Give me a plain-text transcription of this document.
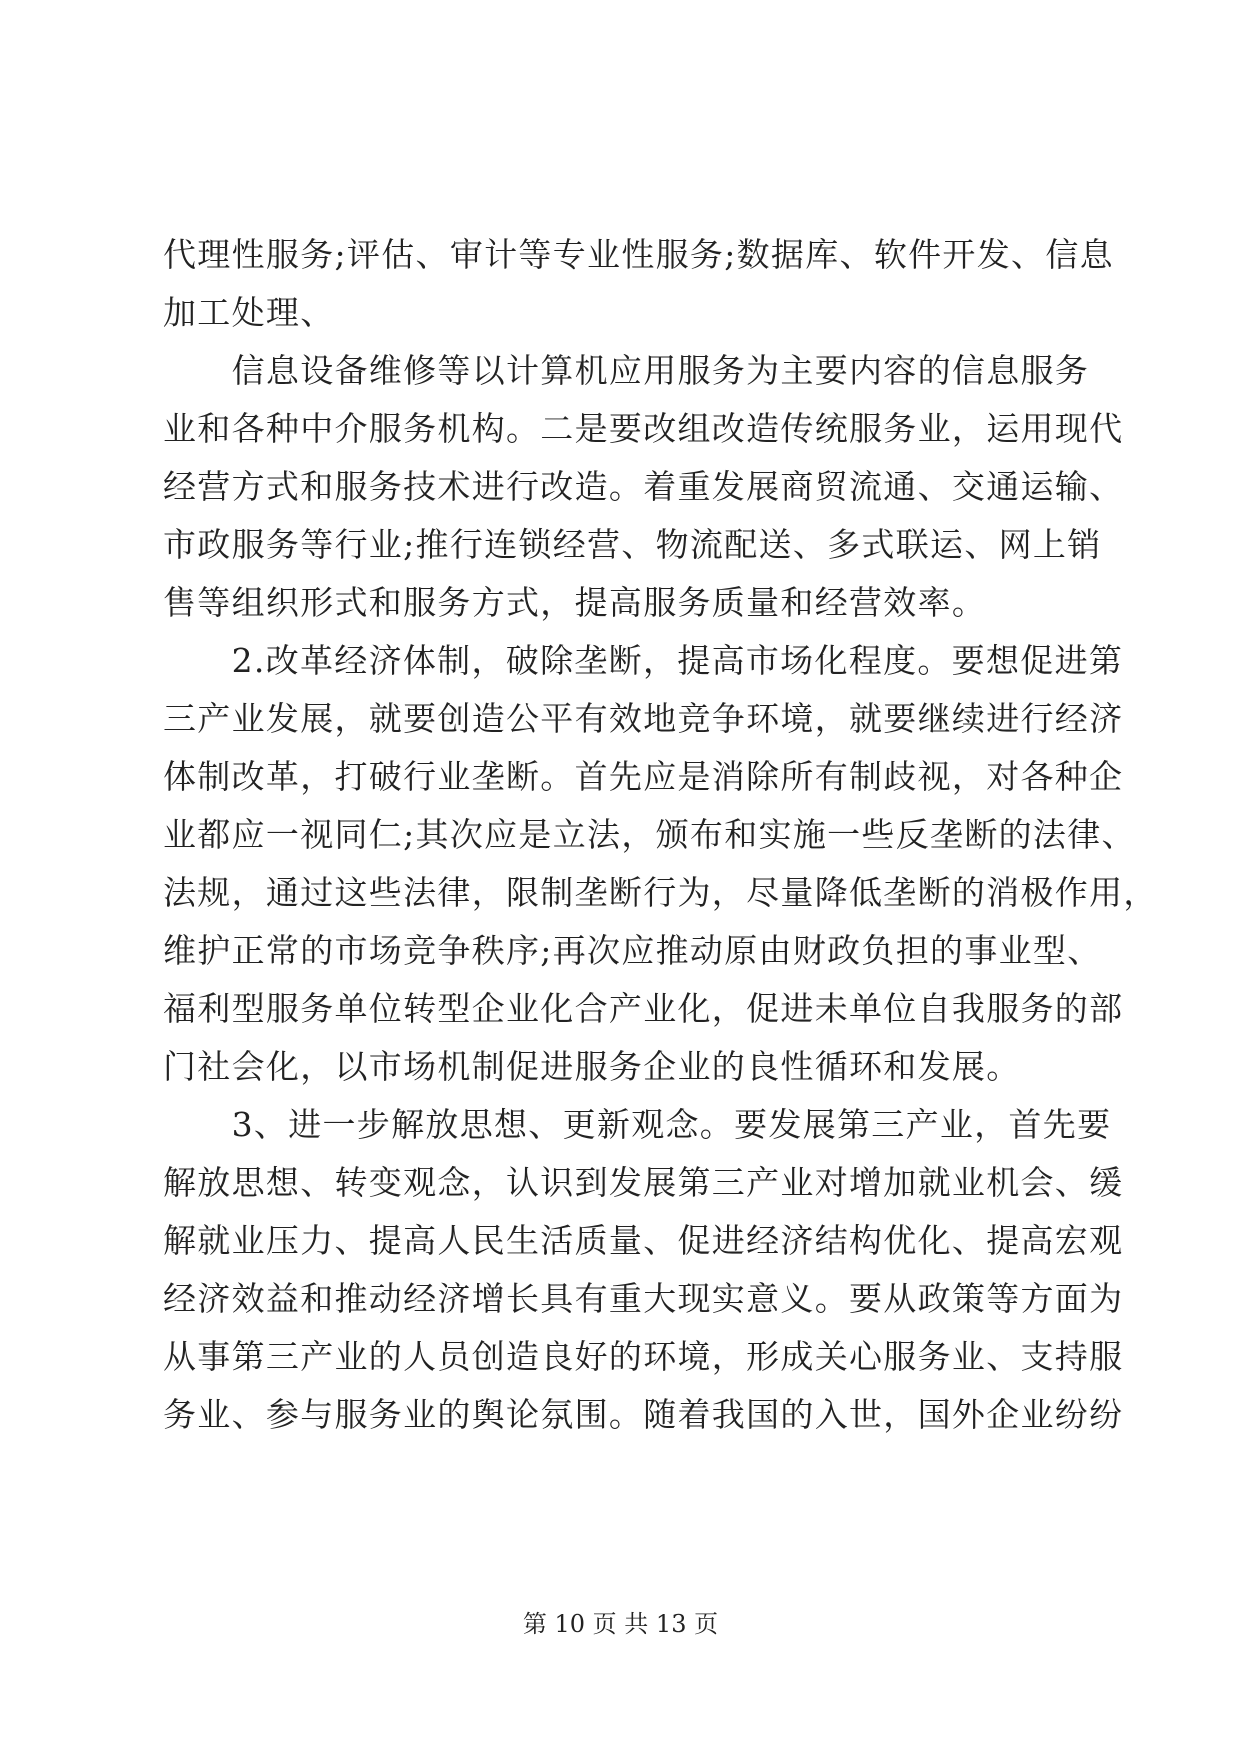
代理性服务;评估、审计等专业性服务;数据库、软件开发、信息
加工处理、
　　信息设备维修等以计算机应用服务为主要内容的信息服务
业和各种中介服务机构。二是要改组改造传统服务业，运用现代
经营方式和服务技术进行改造。着重发展商贸流通、交通运输、
市政服务等行业;推行连锁经营、物流配送、多式联运、网上销
售等组织形式和服务方式，提高服务质量和经营效率。
　　2.改革经济体制，破除垄断，提高市场化程度。要想促进第
三产业发展，就要创造公平有效地竞争环境，就要继续进行经济
体制改革，打破行业垄断。首先应是消除所有制歧视，对各种企
业都应一视同仁;其次应是立法，颁布和实施一些反垄断的法律、
法规，通过这些法律，限制垄断行为，尽量降低垄断的消极作用，
维护正常的市场竞争秩序;再次应推动原由财政负担的事业型、
福利型服务单位转型企业化合产业化，促进未单位自我服务的部
门社会化，以市场机制促进服务企业的良性循环和发展。
　　3、进一步解放思想、更新观念。要发展第三产业，首先要
解放思想、转变观念，认识到发展第三产业对增加就业机会、缓
解就业压力、提高人民生活质量、促进经济结构优化、提高宏观
经济效益和推动经济增长具有重大现实意义。要从政策等方面为
从事第三产业的人员创造良好的环境，形成关心服务业、支持服
务业、参与服务业的舆论氛围。随着我国的入世，国外企业纷纷
第 10 页 共 13 页
